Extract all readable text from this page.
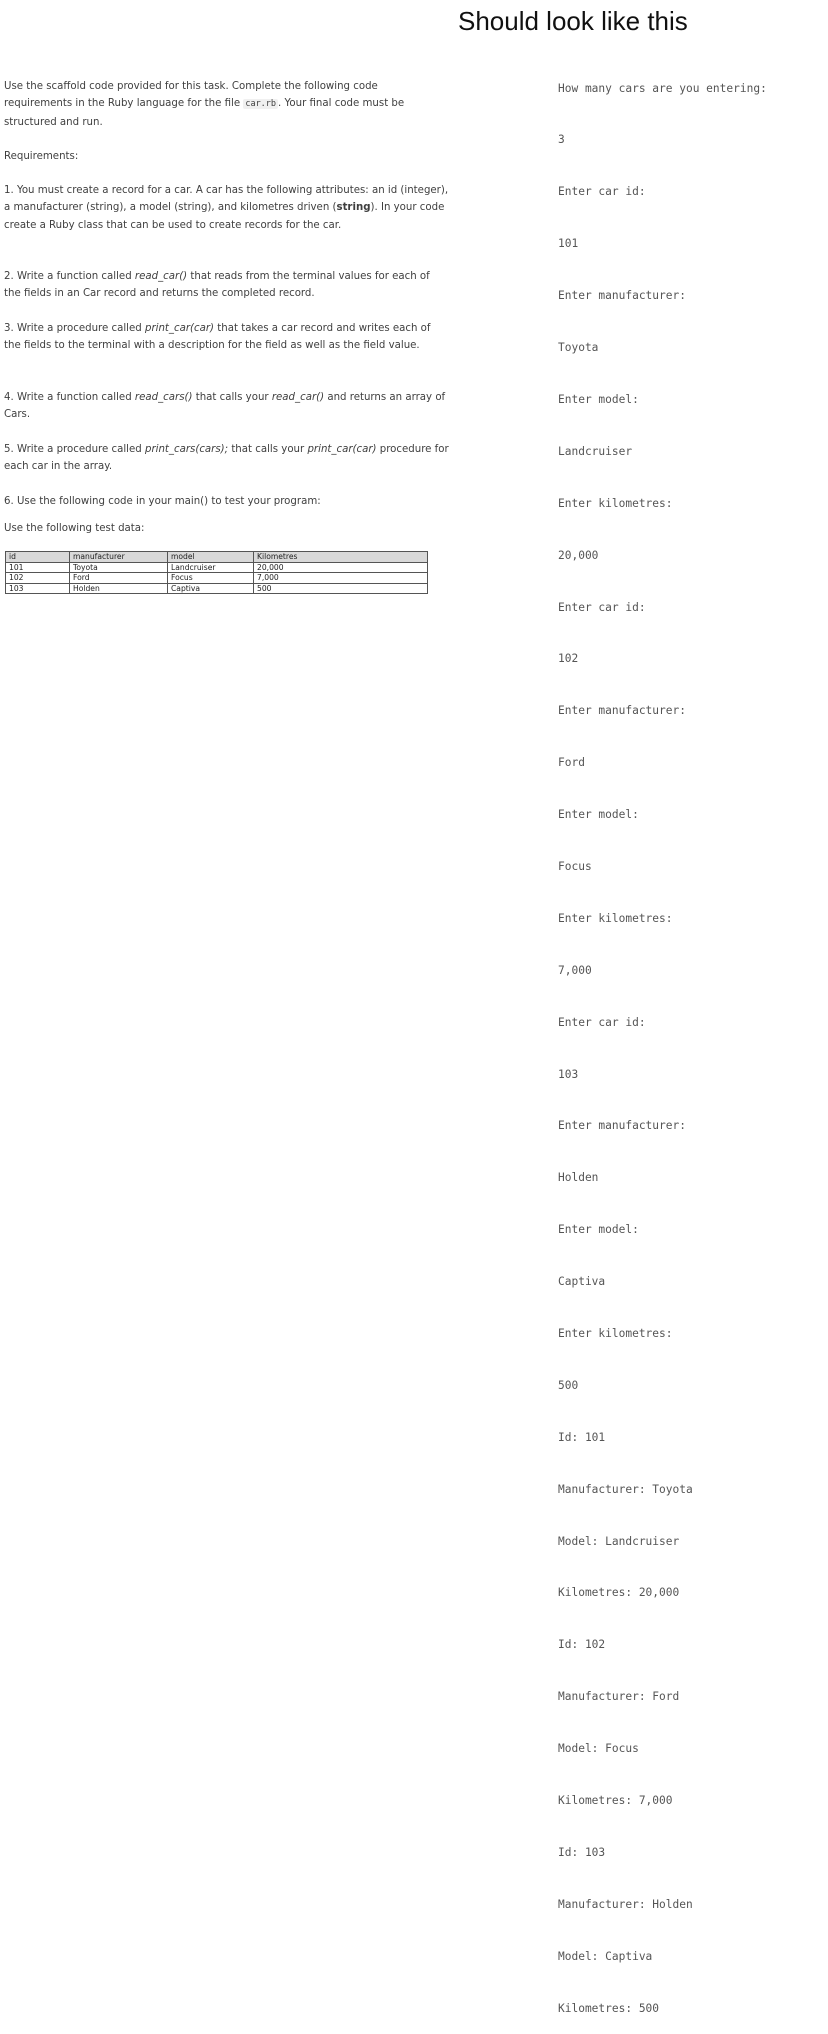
Use the scaffold code provided for this task. Complete the following code requirements in the Ruby language for the file car.rb . Your final code must be structured and run.

Requirements:

1. You must create a record for a car. A car has the following attributes: an id (integer), a manufacturer (string), a model (string), and kilometres driven (string). In your code create a Ruby class that can be used to create records for the car.

2. Write a function called read_car() that reads from the terminal values for each of the fields in an Car record and returns the completed record.

3. Write a procedure called print_car(car) that takes a car record and writes each of the fields to the terminal with a description for the field as well as the field value.

4. Write a function called read_cars() that calls your read_car() and returns an array of Cars.

5. Write a procedure called print_cars(cars); that calls your print_car(car) procedure for each car in the array.

6. Use the following code in your main() to test your program:

Use the following test data:

id	manufacturer	model	Kilometres
101	Toyota	Landcruiser	20,000
102	Ford	Focus	7,000
103	Holden	Captiva	500
Should look like this

How many cars are you entering:

3

Enter car id:

101

Enter manufacturer:

Toyota

Enter model:

Landcruiser

Enter kilometres:

20,000

Enter car id:

102

Enter manufacturer:

Ford

Enter model:

Focus

Enter kilometres:

7,000

Enter car id:

103

Enter manufacturer:

Holden

Enter model:

Captiva

Enter kilometres:

500

Id: 101

Manufacturer: Toyota

Model: Landcruiser

Kilometres: 20,000

Id: 102

Manufacturer: Ford

Model: Focus

Kilometres: 7,000

Id: 103

Manufacturer: Holden

Model: Captiva

Kilometres: 500
